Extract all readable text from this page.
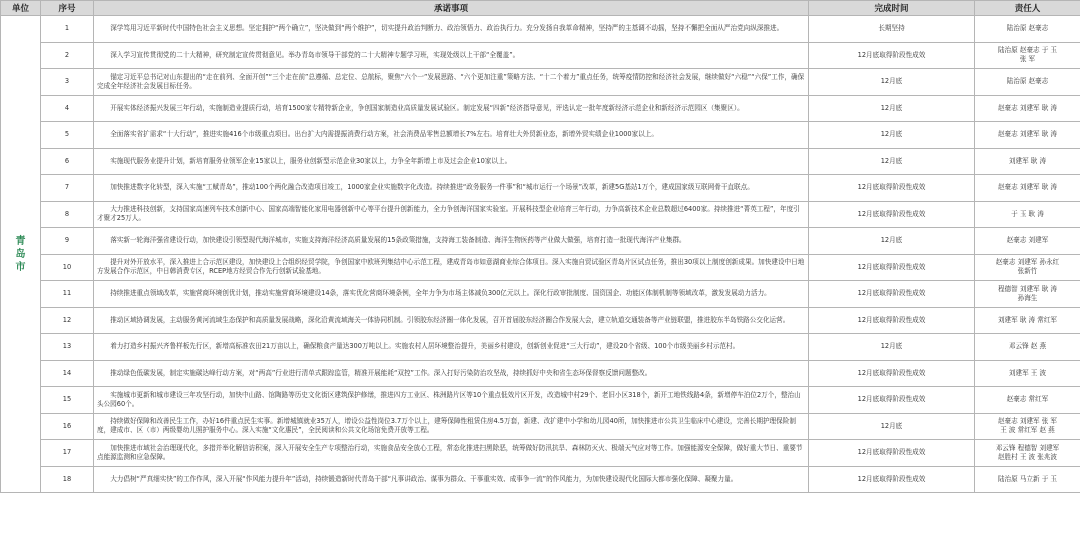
单位	序号	承诺事项	完成时间	责任人

青岛市	1	深学笃用习近平新时代中国特色社会主义思想。坚定拥护“两个确立”，坚决做到“两个维护”，切实提升政治判断力、政治领悟力、政治执行力。充分发扬自我革命精神，坚持严的主基调不动摇，坚持不懈把全面从严治党向纵深推进。	长期坚持	陆治原 赵豪志
	2	深入学习宣传贯彻党的二十大精神，研究制定宣传贯彻意见。举办青岛市领导干部党的二十大精神专题学习班，实现处级以上干部“全覆盖”。	12月底取得阶段性成效	陆治原 赵豪志 于 玉
张 军
	3	锚定习近平总书记对山东提出的“走在前列、全面开创”“三个走在前”总遵循、总定位、总航标，聚焦“六个一”发展思路、“六个更加注重”策略方法、“十二个着力”重点任务，统筹疫情防控和经济社会发展，继续做好“六稳”“六保”工作，确保完成全年经济社会发展目标任务。	12月底	陆治原 赵豪志
	4	开展实体经济振兴发展三年行动，实施制造业提质行动，培育1500家专精特新企业，争创国家制造业高质量发展试验区。制定发展“四新”经济指导意见，评选认定一批年度新经济示范企业和新经济示范园区（集聚区）。	12月底	赵豪志 刘建军 耿 涛
	5	全面落实省扩需求“十大行动”，推进实施416个市级重点项目。出台扩大内需提振消费行动方案，社会消费品零售总额增长7%左右。培育壮大外贸新业态，新增外贸实绩企业1000家以上。	12月底	赵豪志 刘建军 耿 涛
	6	实施现代服务业提升计划，新培育服务业领军企业15家以上，服务业创新型示范企业30家以上，力争全年新增上市及过会企业10家以上。	12月底	刘建军 耿 涛
	7	加快推进数字化转型，深入实施“工赋青岛”，推动100个两化融合改造项目竣工，1000家企业实施数字化改造。持续推进“政务服务一件事”和“城市运行一个场景”改革，新建5G基站1万个，建成国家级互联网骨干直联点。	12月底取得阶段性成效	赵豪志 刘建军 耿 涛
	8	大力推进科技创新，支持国家高速列车技术创新中心、国家高端智能化家用电器创新中心等平台提升创新能力，全力争创海洋国家实验室。开展科技型企业培育三年行动，力争高新技术企业总数超过6400家。持续推进“菁英工程”，年度引才聚才25万人。	12月底取得阶段性成效	于 玉 耿 涛
	9	落实新一轮海洋强省建设行动，加快建设引领型现代海洋城市，实施支持海洋经济高质量发展的15条政策措施，支持海工装备制造、海洋生物医药等产业做大做强，培育打造一批现代海洋产业集群。	12月底	赵豪志 刘建军
	10	提升对外开放水平，深入推进上合示范区建设，加快建设上合组织经贸学院，争创国家中欧班列集结中心示范工程，建成青岛市如意湖商业综合体项目。深入实施自贸试验区青岛片区试点任务，推出30项以上制度创新成果。加快建设中日地方发展合作示范区，中日韩消费专区，RCEP地方经贸合作先行创新试验基地。	12月底取得阶段性成效	赵豪志 刘建军 孙永红
张新竹
	11	持续推进重点领域改革，实施营商环境创优计划，推动实施营商环境建设14条，落实优化营商环境条例，全年力争为市场主体减负300亿元以上。深化行政审批制度、国资国企、功能区体制机制等领域改革，激发发展动力活力。	12月底取得阶段性成效	程德智 刘建军 耿 涛
孙海生
	12	推动区域协调发展，主动服务黄河流域生态保护和高质量发展战略，深化沿黄流域海关一体协同机制。引领胶东经济圈一体化发展，召开首届胶东经济圈合作发展大会，建立轨道交通装备等产业链联盟，推进胶东半岛铁路公交化运营。	12月底取得阶段性成效	刘建军 耿 涛 常红军
	13	着力打造乡村振兴齐鲁样板先行区，新增高标准农田21万亩以上，确保粮食产量达300万吨以上。实施农村人居环境整治提升，美丽乡村建设，创新创业促进“三大行动”，建设20个省级、100个市级美丽乡村示范村。	12月底	邓云锋 赵 燕
	14	推动绿色低碳发展，制定实施碳达峰行动方案，对“两高”行业进行清单式跟踪监管，精准开展能耗“双控”工作。深入打好污染防治攻坚战，持续抓好中央和省生态环保督察反馈问题整改。	12月底取得阶段性成效	刘建军 王 波
	15	实施城市更新和城市建设三年攻坚行动，加快中山路、馆陶路等历史文化街区建筑保护修缮，推进四方工业区、株洲路片区等10个重点低效片区开发，改造城中村29个、老旧小区318个，新开工地铁线路4条，新增停车泊位2万个，整治山头公园60个。	12月底取得阶段性成效	赵豪志 常红军
	16	持续做好保障和改善民生工作，办好16件重点民生实事。新增城镇就业35万人，增设公益性岗位3.7万个以上，建筹保障性租赁住房4.5万套，新建、改扩建中小学和幼儿园40所，加快推进市公共卫生临床中心建设，完善长期护理保险制度，建成市、区（市）两级婴幼儿照护服务中心。深入实施“文化惠民”，全民阅读和公共文化场馆免费开放等工程。	12月底	赵豪志 刘建军 张 军
王 波 常红军 赵 燕
	17	加快推进市域社会治理现代化，多措并举化解信访积案，深入开展安全生产专项整治行动，实施食品安全放心工程，常态化推进扫黑除恶，统筹做好防汛抗旱、森林防灭火、极端天气应对等工作。加强能源安全保障，做好重大节日、重要节点能源监测和应急保障。	12月底取得阶段性成效	邓云锋 程德智 刘建军
赵胜村 王 波 张兆波
	18	大力倡树“严真细实快”的工作作风，深入开展“作风能力提升年”活动，持续锻造新时代青岛干部“凡事讲政治、谋事为群众、干事重实效、成事争一流”的作风能力，为加快建设现代化国际大都市强化保障、凝聚力量。	12月底取得阶段性成效	陆治原 马立新 于 玉
